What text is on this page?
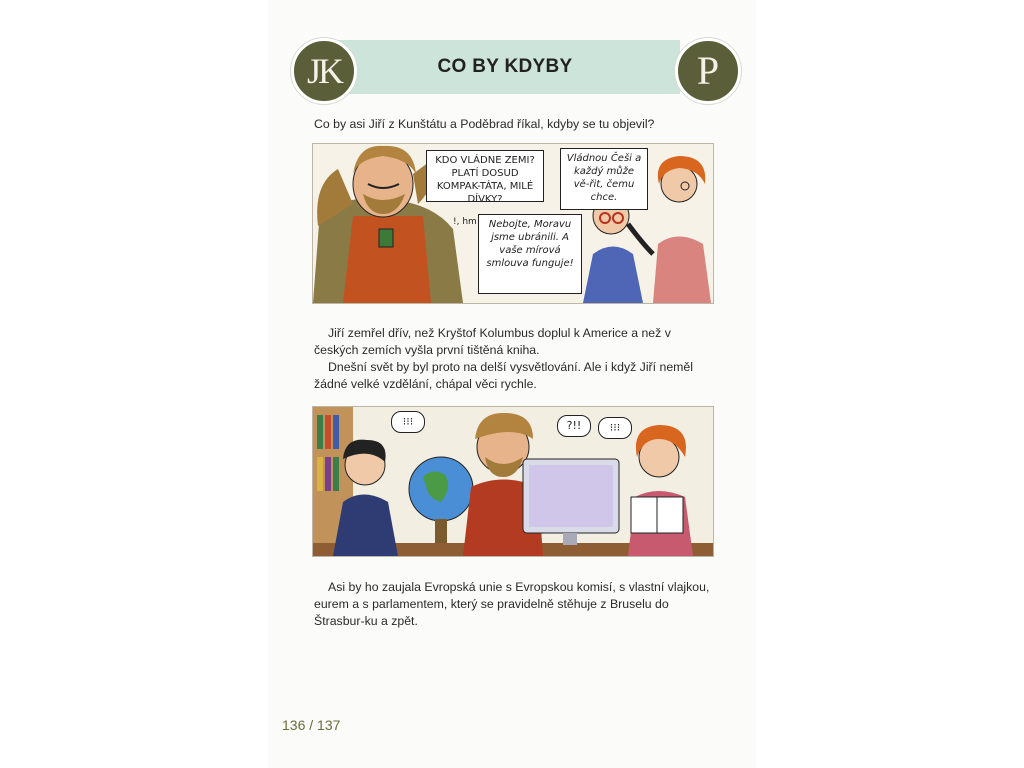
CO BY KDYBY
JK	P
Co by asi Jiří z Kunštátu a Poděbrad říkal, kdyby se tu objevil?
KDO VLÁDNE ZEMI? PLATÍ DOSUD KOMPAK-TÁTA, MILÉ DÍVKY?
Vládnou Češi a každý může vě-řit, čemu chce.
Nebojte, Moravu jsme ubránili. A vaše mírová smlouva funguje!
!, hm!
Jiří zemřel dřív, než Kryštof Kolumbus doplul k Americe a než v českých zemích vyšla první tištěná kniha.
Dnešní svět by byl proto na delší vysvětlování. Ale i když Jiří neměl žádné velké vzdělání, chápal věci rychle.
⁝⁝⁝	?!!	⁝⁝⁝
Asi by ho zaujala Evropská unie s Evropskou komisí, s vlastní vlajkou, eurem a s parlamentem, který se pravidelně stěhuje z Bruselu do Štrasbur-ku a zpět.
136 / 137
